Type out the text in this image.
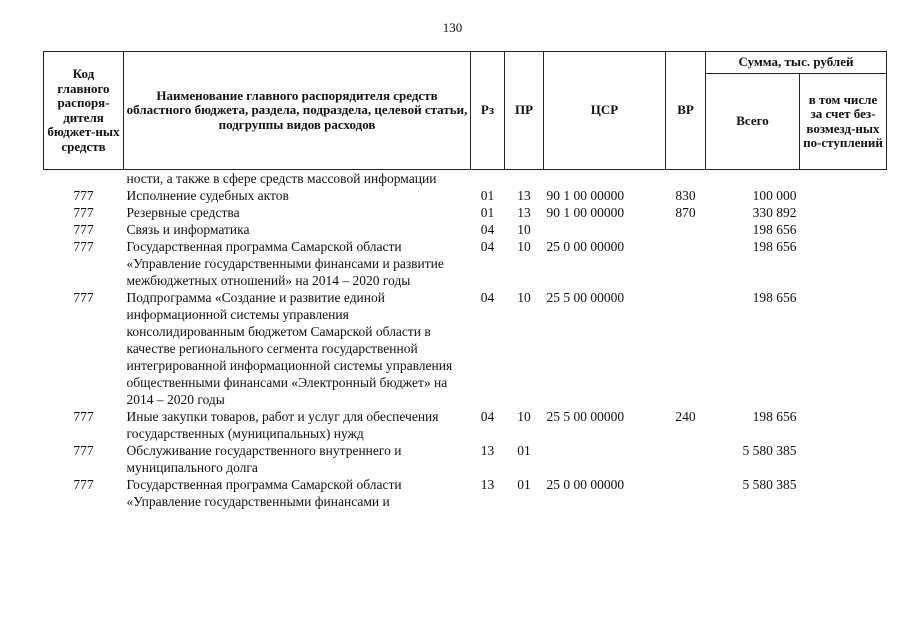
130
Код главного распоря-дителя бюджет-ных средств	Наименование главного распорядителя средств областного бюджета, раздела, подраздела, целевой статьи, подгруппы видов расходов	Рз	ПР	ЦСР	ВР	Сумма, тыс. рублей	
						Всего	в том числе за счет без-возмезд-ных по-ступлений
	ности, а также в сфере средств массовой информации						
777	Исполнение судебных актов	01	13	90 1 00 00000	830	100 000	
777	Резервные средства	01	13	90 1 00 00000	870	330 892	
777	Связь и информатика	04	10			198 656	
777	Государственная программа Самарской области «Управление государственными финансами и развитие межбюджетных отношений» на 2014 – 2020 годы	04	10	25 0 00 00000		198 656	
777	Подпрограмма «Создание и развитие единой информационной системы управления консолидированным бюджетом Самарской области в качестве регионального сегмента государственной интегрированной информационной системы управления общественными финансами «Электронный бюджет» на 2014 – 2020 годы	04	10	25 5 00 00000		198 656	
777	Иные закупки товаров, работ и услуг для обеспечения государственных (муниципальных) нужд	04	10	25 5 00 00000	240	198 656	
777	Обслуживание государственного внутреннего и муниципального долга	13	01			5 580 385	
777	Государственная программа Самарской области «Управление государственными финансами и	13	01	25 0 00 00000		5 580 385	
